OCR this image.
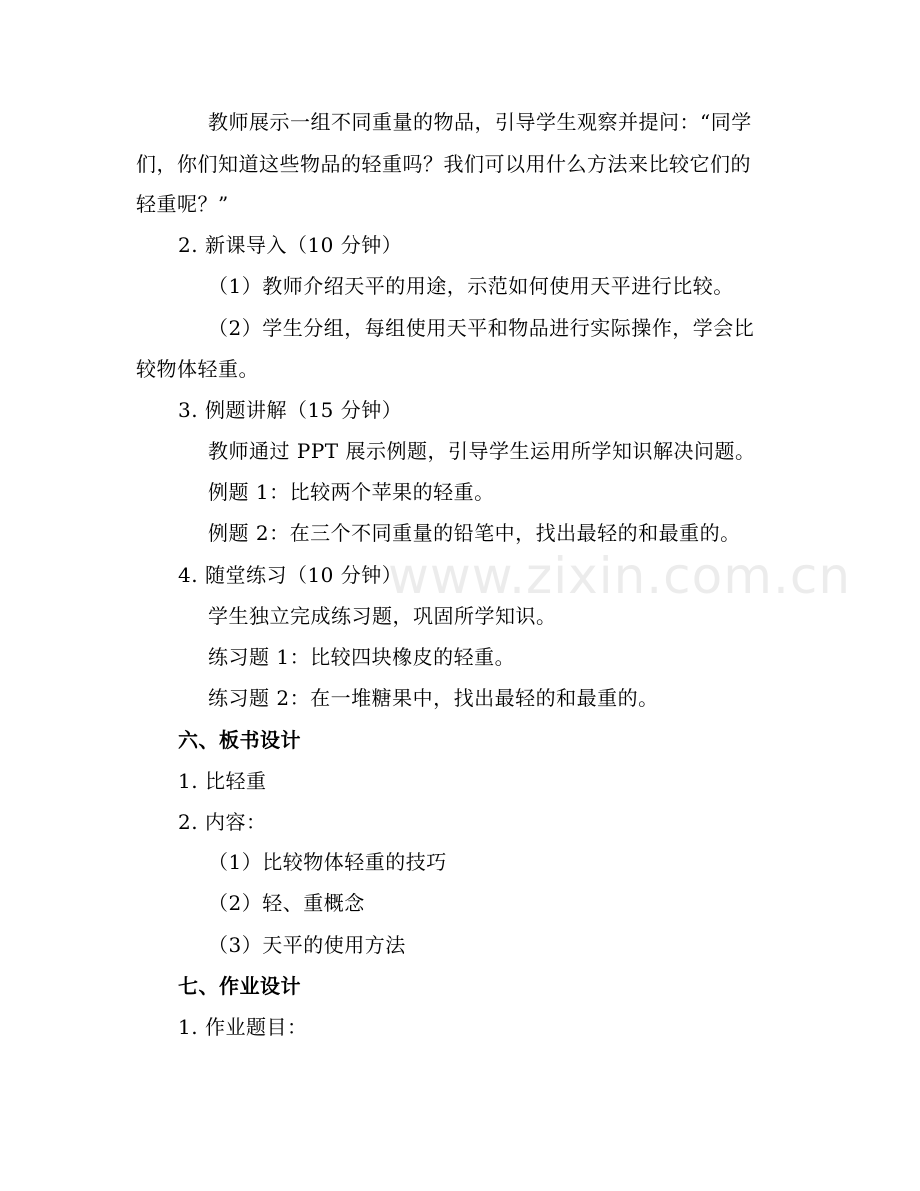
教师展示一组不同重量的物品，引导学生观察并提问：“同学
们，你们知道这些物品的轻重吗？我们可以用什么方法来比较它们的
轻重呢？”
2. 新课导入（10 分钟）
（1）教师介绍天平的用途，示范如何使用天平进行比较。
（2）学生分组，每组使用天平和物品进行实际操作，学会比
较物体轻重。
3. 例题讲解（15 分钟）
教师通过 PPT 展示例题，引导学生运用所学知识解决问题。
例题 1：比较两个苹果的轻重。
例题 2：在三个不同重量的铅笔中，找出最轻的和最重的。
4. 随堂练习（10 分钟）
学生独立完成练习题，巩固所学知识。
练习题 1：比较四块橡皮的轻重。
练习题 2：在一堆糖果中，找出最轻的和最重的。
六、板书设计
1. 比轻重
2. 内容：
（1）比较物体轻重的技巧
（2）轻、重概念
（3）天平的使用方法
七、作业设计
1. 作业题目：
www.zixin.com.cn
